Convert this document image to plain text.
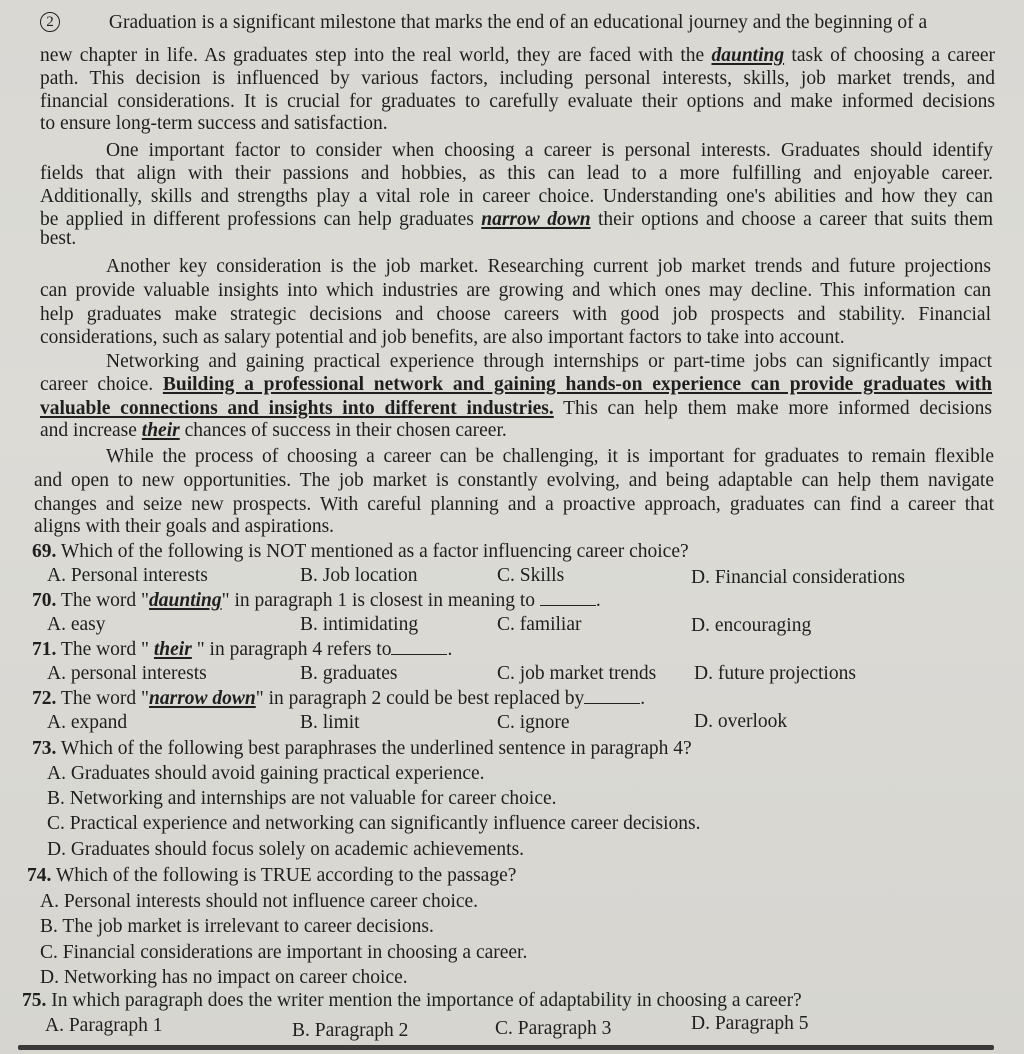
2	Graduation is a significant milestone that marks the end of an educational journey and the beginning of a
new chapter in life. As graduates step into the real world, they are faced with the daunting task of choosing a career
path. This decision is influenced by various factors, including personal interests, skills, job market trends, and
financial considerations. It is crucial for graduates to carefully evaluate their options and make informed decisions
to ensure long-term success and satisfaction.
One important factor to consider when choosing a career is personal interests. Graduates should identify
fields that align with their passions and hobbies, as this can lead to a more fulfilling and enjoyable career.
Additionally, skills and strengths play a vital role in career choice. Understanding one's abilities and how they can
be applied in different professions can help graduates narrow down their options and choose a career that suits them
best.
Another key consideration is the job market. Researching current job market trends and future projections
can provide valuable insights into which industries are growing and which ones may decline. This information can
help graduates make strategic decisions and choose careers with good job prospects and stability. Financial
considerations, such as salary potential and job benefits, are also important factors to take into account.
Networking and gaining practical experience through internships or part-time jobs can significantly impact
career choice. Building a professional network and gaining hands-on experience can provide graduates with
valuable connections and insights into different industries. This can help them make more informed decisions
and increase their chances of success in their chosen career.
While the process of choosing a career can be challenging, it is important for graduates to remain flexible
and open to new opportunities. The job market is constantly evolving, and being adaptable can help them navigate
changes and seize new prospects. With careful planning and a proactive approach, graduates can find a career that
aligns with their goals and aspirations.
69. Which of the following is NOT mentioned as a factor influencing career choice?
A. Personal interests	B. Job location	C. Skills	D. Financial considerations
70. The word "daunting" in paragraph 1 is closest in meaning to	.
A. easy	B. intimidating	C. familiar	D. encouraging
71. The word " their " in paragraph 4 refers to	.
A. personal interests	B. graduates	C. job market trends D. future projections
72. The word "narrow down" in paragraph 2 could be best replaced by	.
A. expand	B. limit	C. ignore	D. overlook
73. Which of the following best paraphrases the underlined sentence in paragraph 4?
A. Graduates should avoid gaining practical experience.
B. Networking and internships are not valuable for career choice.
C. Practical experience and networking can significantly influence career decisions.
D. Graduates should focus solely on academic achievements.
74. Which of the following is TRUE according to the passage?
A. Personal interests should not influence career choice.
B. The job market is irrelevant to career decisions.
C. Financial considerations are important in choosing a career.
D. Networking has no impact on career choice.
75. In which paragraph does the writer mention the importance of adaptability in choosing a career?
A. Paragraph 1	B. Paragraph 2	C. Paragraph 3	D. Paragraph 5
